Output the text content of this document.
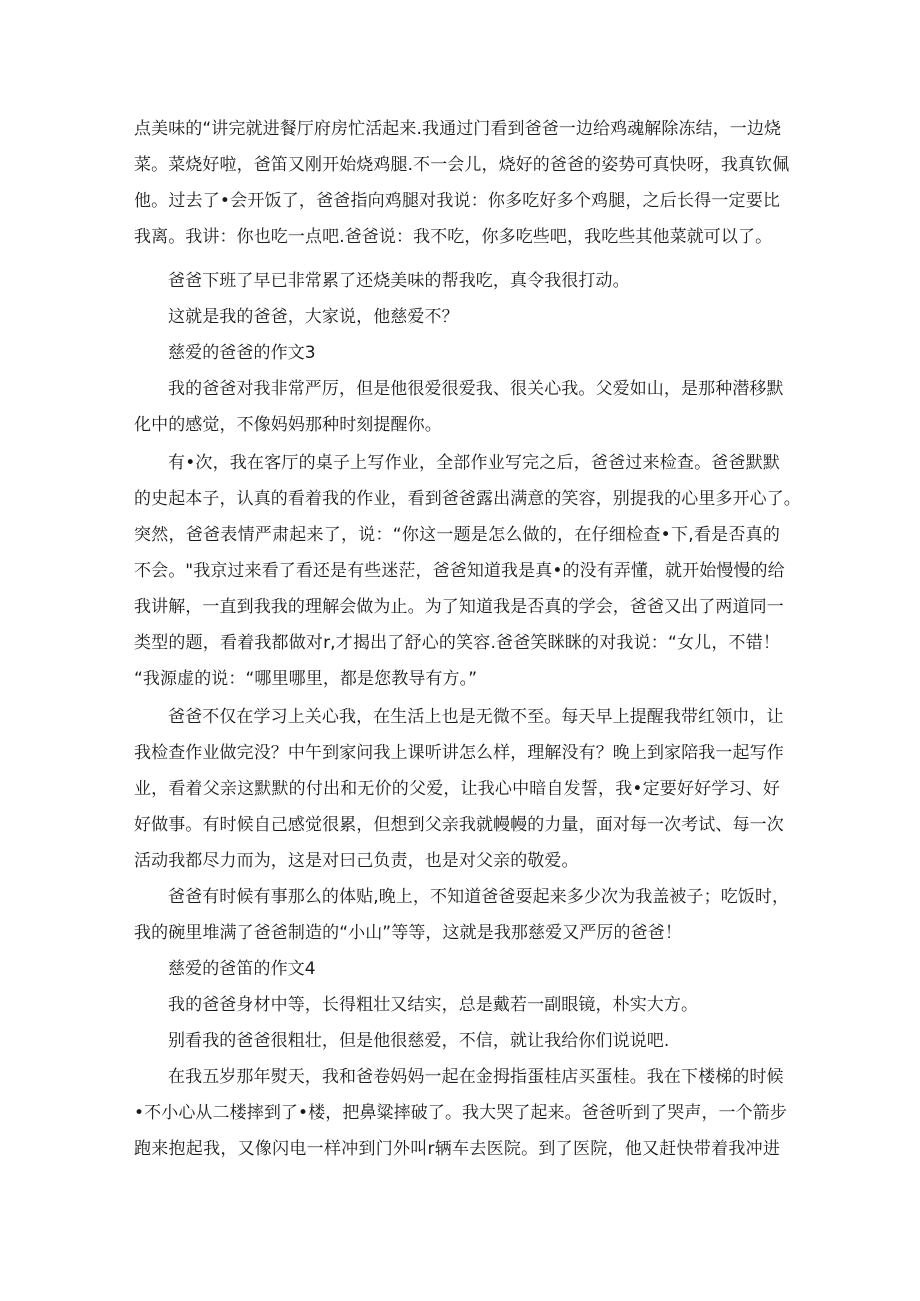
点美味的“讲完就进餐厅府房忙活起来.我通过门看到爸爸一边给鸡魂解除冻结，一边烧
菜。菜烧好啦，爸笛又刚开始烧鸡腿.不一会儿，烧好的爸爸的姿势可真快呀，我真钦佩
他。过去了•会开饭了，爸爸指向鸡腿对我说：你多吃好多个鸡腿，之后长得一定要比
我离。我讲：你也吃一点吧.爸爸说：我不吃，你多吃些吧，我吃些其他菜就可以了。
爸爸下班了早已非常累了还烧美味的帮我吃，真令我很打动。
这就是我的爸爸，大家说，他慈爱不？
慈爱的爸爸的作文3
我的爸爸对我非常严厉，但是他很爱很爱我、很关心我。父爱如山，是那种潜移默
化中的感觉，不像妈妈那种时刻提醒你。
有•次，我在客厅的桌子上写作业，全部作业写完之后，爸爸过来检查。爸爸默默
的史起本子，认真的看着我的作业，看到爸爸露出满意的笑容，别提我的心里多开心了。
突然，爸爸表情严肃起来了，说：“你这一题是怎么做的，在仔细检查•下,看是否真的
不会。"我京过来看了看还是有些迷茫，爸爸知道我是真•的没有弄懂，就开始慢慢的给
我讲解，一直到我我的理解会做为止。为了知道我是否真的学会，爸爸又出了两道同一
类型的题，看着我都做对r,才揭出了舒心的笑容.爸爸笑眯眯的对我说：“女儿，不错！
“我源虚的说：“哪里哪里，都是您教导有方。”
爸爸不仅在学习上关心我，在生活上也是无微不至。每天早上提醒我带红领巾，让
我检查作业做完没？中午到家问我上课听讲怎么样，理解没有？晚上到家陪我一起写作
业，看着父亲这默默的付出和无价的父爱，让我心中暗自发誓，我•定要好好学习、好
好做事。有时候自己感觉很累，但想到父亲我就幔幔的力量，面对每一次考试、每一次
活动我都尽力而为，这是对曰己负责，也是对父亲的敬爱。
爸爸有时候有事那么的体贴,晚上，不知道爸爸耍起来多少次为我盖被子；吃饭时，
我的碗里堆满了爸爸制造的“小山”等等，这就是我那慈爱又严厉的爸爸！
慈爱的爸笛的作文4
我的爸爸身材中等，长得粗壮又结实，总是戴若一副眼镜，朴实大方。
别看我的爸爸很粗壮，但是他很慈爱，不信，就让我给你们说说吧.
在我五岁那年熨天，我和爸卷妈妈一起在金拇指蛋桂店买蛋桂。我在下楼梯的时候
•不小心从二楼摔到了•楼，把鼻粱摔破了。我大哭了起来。爸爸听到了哭声，一个箭步
跑来抱起我，又像闪电一样冲到门外叫r辆车去医院。到了医院，他又赶快带着我冲进
